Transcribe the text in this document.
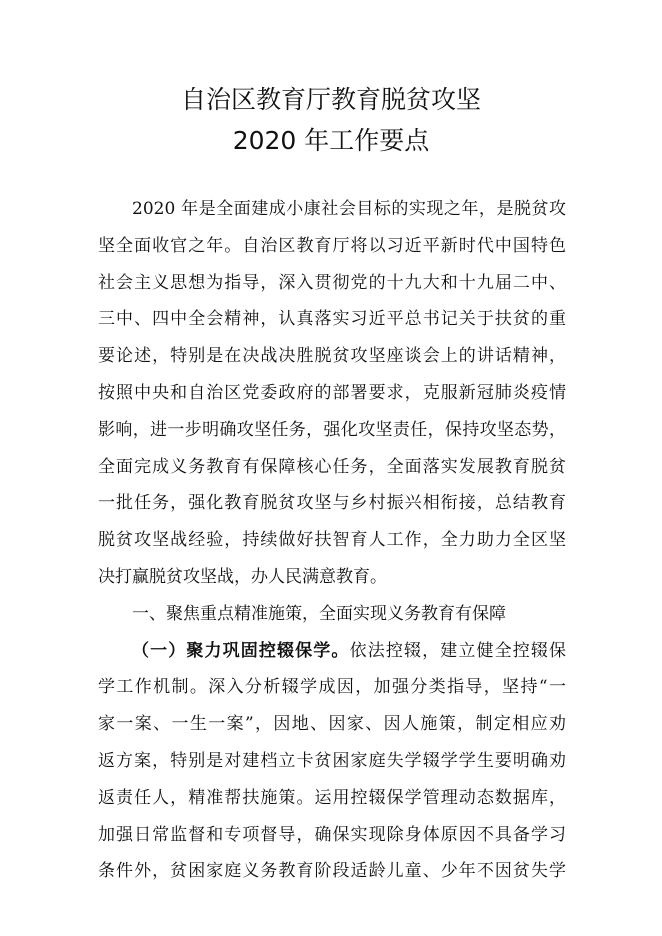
自治区教育厅教育脱贫攻坚
2020 年工作要点
2020 年是全面建成小康社会目标的实现之年，是脱贫攻
坚全面收官之年。自治区教育厅将以习近平新时代中国特色
社会主义思想为指导，深入贯彻党的十九大和十九届二中、
三中、四中全会精神，认真落实习近平总书记关于扶贫的重
要论述，特别是在决战决胜脱贫攻坚座谈会上的讲话精神，
按照中央和自治区党委政府的部署要求，克服新冠肺炎疫情
影响，进一步明确攻坚任务，强化攻坚责任，保持攻坚态势，
全面完成义务教育有保障核心任务，全面落实发展教育脱贫
一批任务，强化教育脱贫攻坚与乡村振兴相衔接，总结教育
脱贫攻坚战经验，持续做好扶智育人工作，全力助力全区坚
决打赢脱贫攻坚战，办人民满意教育。
一、聚焦重点精准施策，全面实现义务教育有保障
（一）聚力巩固控辍保学。依法控辍，建立健全控辍保
学工作机制。深入分析辍学成因，加强分类指导，坚持“一
家一案、一生一案”，因地、因家、因人施策，制定相应劝
返方案，特别是对建档立卡贫困家庭失学辍学学生要明确劝
返责任人，精准帮扶施策。运用控辍保学管理动态数据库，
加强日常监督和专项督导，确保实现除身体原因不具备学习
条件外，贫困家庭义务教育阶段适龄儿童、少年不因贫失学
